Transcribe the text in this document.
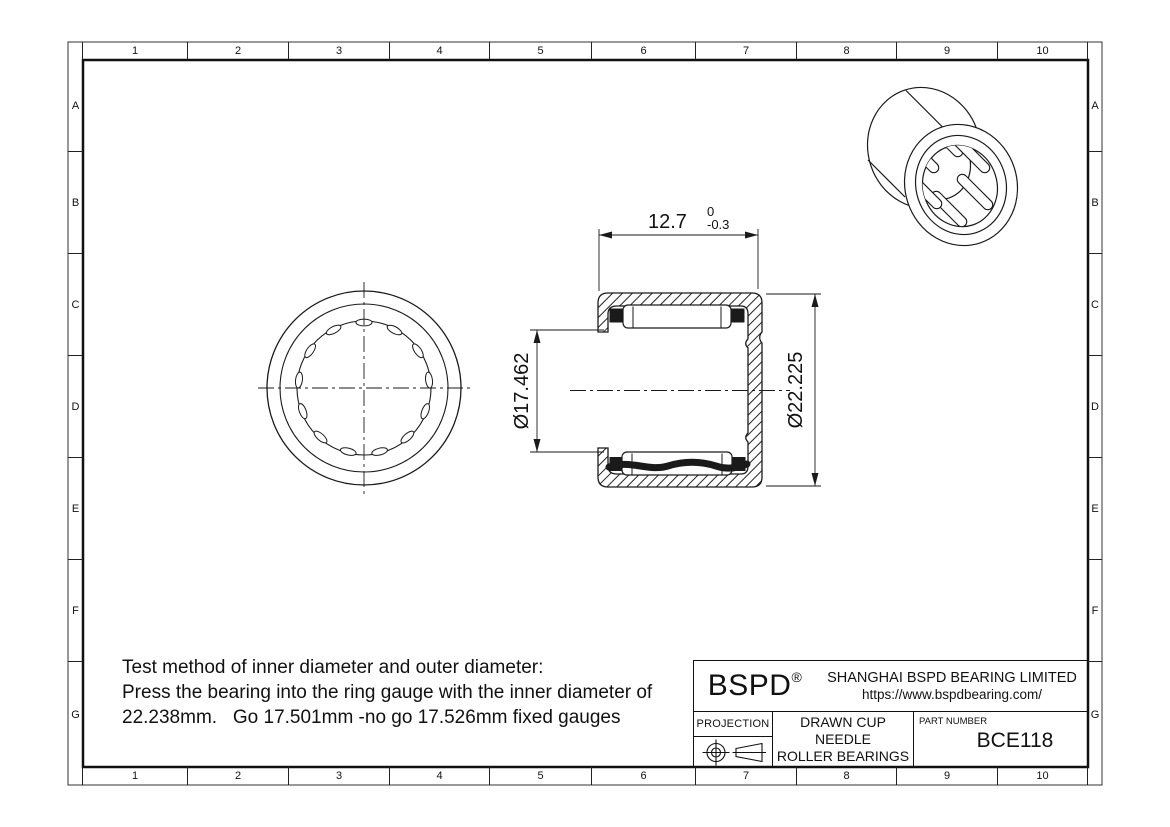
1	2	3	4	5	6	7	8	9	10
1	2	3	4	5	6	7	8	9	10
A
B
C
D
E
F
G
A
B
C
D
E
F
G
12.7 0
-0.3
Ø17.462	Ø22.225
Test method of inner diameter and outer diameter:
Press the bearing into the ring gauge with the inner diameter of
22.238mm.   Go 17.501mm -no go 17.526mm fixed gauges
BSPD® SHANGHAI BSPD BEARING LIMITED
https://www.bspdbearing.com/
PROJECTION	DRAWN CUP NEEDLE
ROLLER BEARINGS
PART NUMBER
BCE118
